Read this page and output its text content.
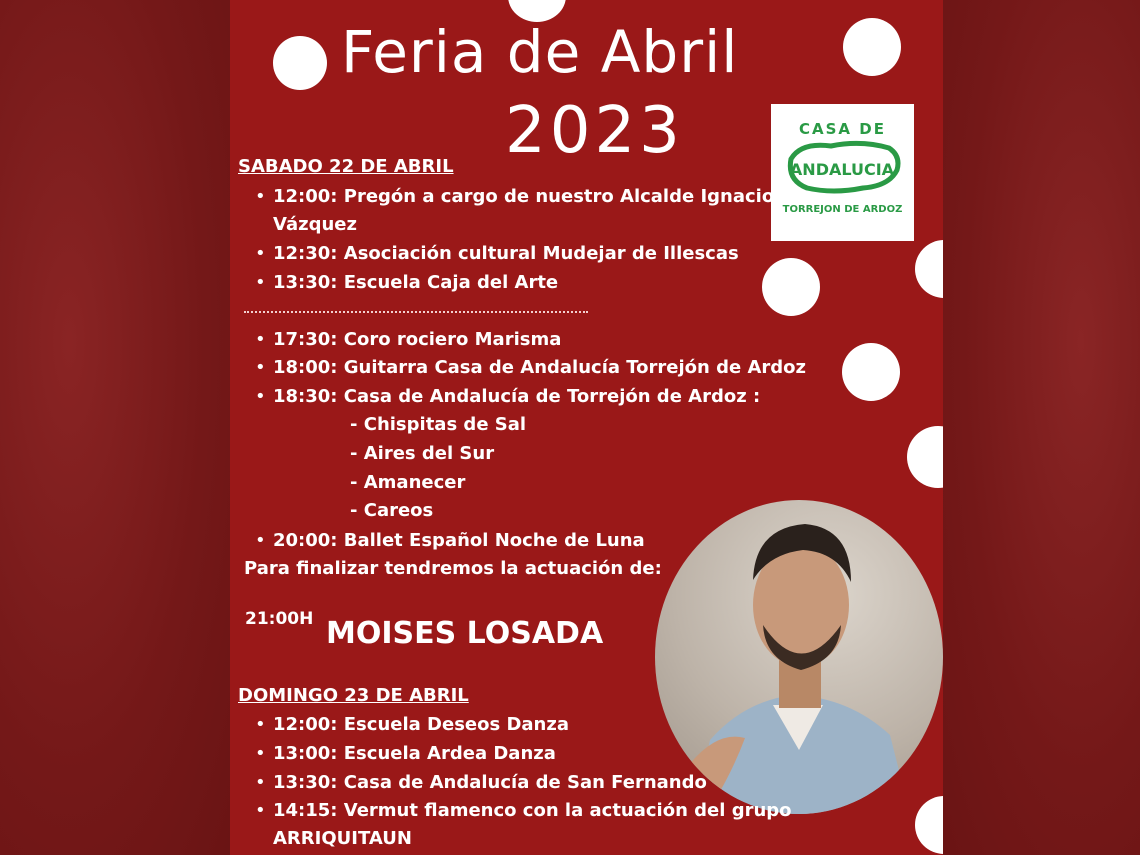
Feria de Abril
2023	CASA DE
ANDALUCIA
TORREJON DE ARDOZ
SABADO 22 DE ABRIL
• 12:00: Pregón a cargo de nuestro Alcalde Ignacio
Vázquez
• 12:30: Asociación cultural Mudejar de Illescas
• 13:30: Escuela Caja del Arte
• 17:30: Coro rociero Marisma
• 18:00: Guitarra Casa de Andalucía Torrejón de Ardoz
• 18:30: Casa de Andalucía de Torrejón de Ardoz :
- Chispitas de Sal
- Aires del Sur
- Amanecer
- Careos
• 20:00: Ballet Español Noche de Luna
Para finalizar tendremos la actuación de:
21:00H MOISES LOSADA
DOMINGO 23 DE ABRIL
• 12:00: Escuela Deseos Danza
• 13:00: Escuela Ardea Danza
• 13:30: Casa de Andalucía de San Fernando
• 14:15: Vermut flamenco con la actuación del grupo
ARRIQUITAUN
